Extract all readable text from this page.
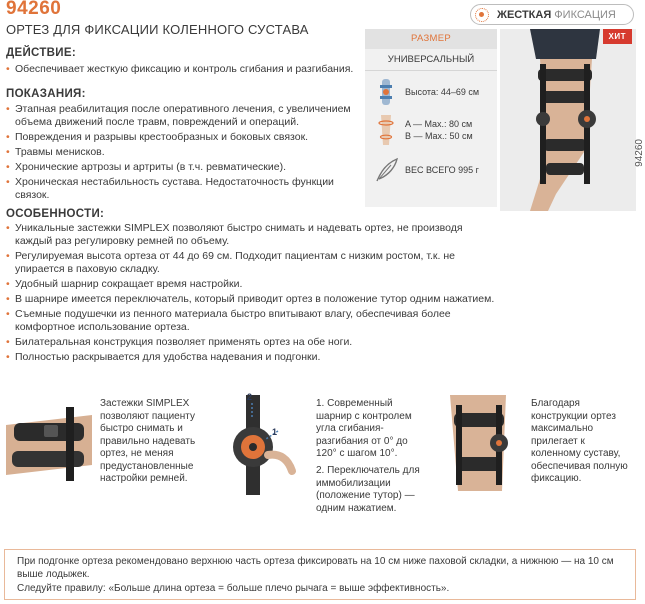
94260
ОРТЕЗ ДЛЯ ФИКСАЦИИ КОЛЕННОГО СУСТАВА
ЖЕСТКАЯ ФИКСАЦИЯ
ДЕЙСТВИЕ:
• Обеспечивает жесткую фиксацию и контроль сгибания и разгибания.
ПОКАЗАНИЯ:
• Этапная реабилитация после оперативного лечения, с увеличением объема движений после травм, повреждений и операций.
• Повреждения и разрывы крестообразных и боковых связок.
• Травмы менисков.
• Хронические артрозы и артриты (в т.ч. ревматические).
• Хроническая нестабильность сустава. Недостаточность функции связок.
ОСОБЕННОСТИ:
• Уникальные застежки SIMPLEX позволяют быстро снимать и надевать ортез, не производя каждый раз регулировку ремней по объему.
• Регулируемая высота ортеза от 44 до 69 см. Подходит пациентам с низким ростом, т.к. не упирается в паховую складку.
• Удобный шарнир сокращает время настройки.
• В шарнире имеется переключатель, который приводит ортез в положение тутор одним нажатием.
• Съемные подушечки из пенного материала быстро впитывают влагу, обеспечивая более комфортное использование ортеза.
• Билатеральная конструкция позволяет применять ортез на обе ноги.
• Полностью раскрывается для удобства надевания и подгонки.
РАЗМЕР
УНИВЕРСАЛЬНЫЙ
Высота: 44–69 см
A — Max.: 80 см
B — Max.: 50 см
ВЕС ВСЕГО 995 г
ХИТ
94260
Застежки SIMPLEX позволяют пациенту быстро снимать и правильно надевать ортез, не меняя предустановленные настройки ремней.
2
1
1. Современный шарнир с контролем угла сгибания-разгибания от 0° до 120° с шагом 10°.
2. Переключатель для иммобилизации (положение тутор) — одним нажатием.
Благодаря конструкции ортез максимально прилегает к коленному суставу, обеспечивая полную фиксацию.

При подгонке ортеза рекомендовано верхнюю часть ортеза фиксировать на 10 см ниже паховой складки, а нижнюю — на 10 см выше лодыжек.

Следуйте правилу: «Больше длина ортеза = больше плечо рычага = выше эффективность».
